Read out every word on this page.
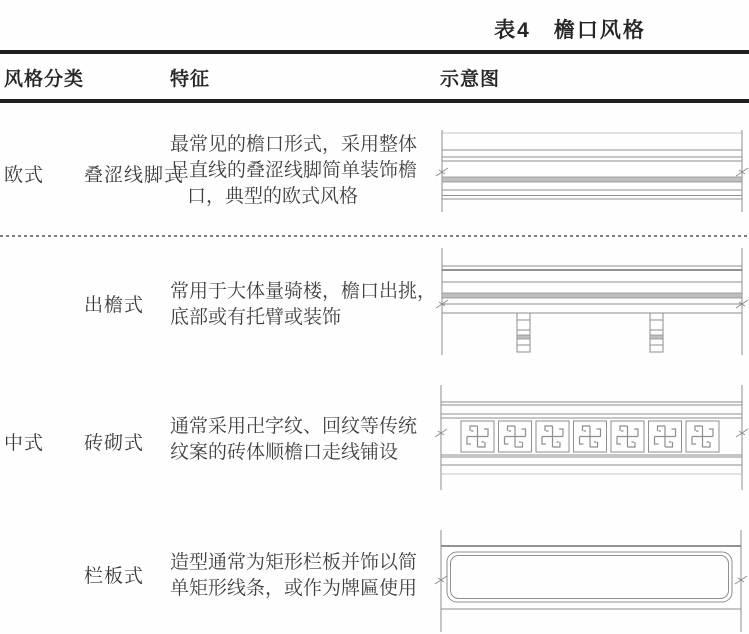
表4　檐口风格
风格分类	特征	示意图
欧式 叠涩线脚式
最常见的檐口形式，采用整体
呈直线的叠涩线脚简单装饰檐
口，典型的欧式风格
出檐式
常用于大体量骑楼，檐口出挑，
底部或有托臂或装饰
中式 砖砌式
通常采用卍字纹、回纹等传统
纹案的砖体顺檐口走线铺设
栏板式
造型通常为矩形栏板并饰以简
单矩形线条，或作为牌匾使用
